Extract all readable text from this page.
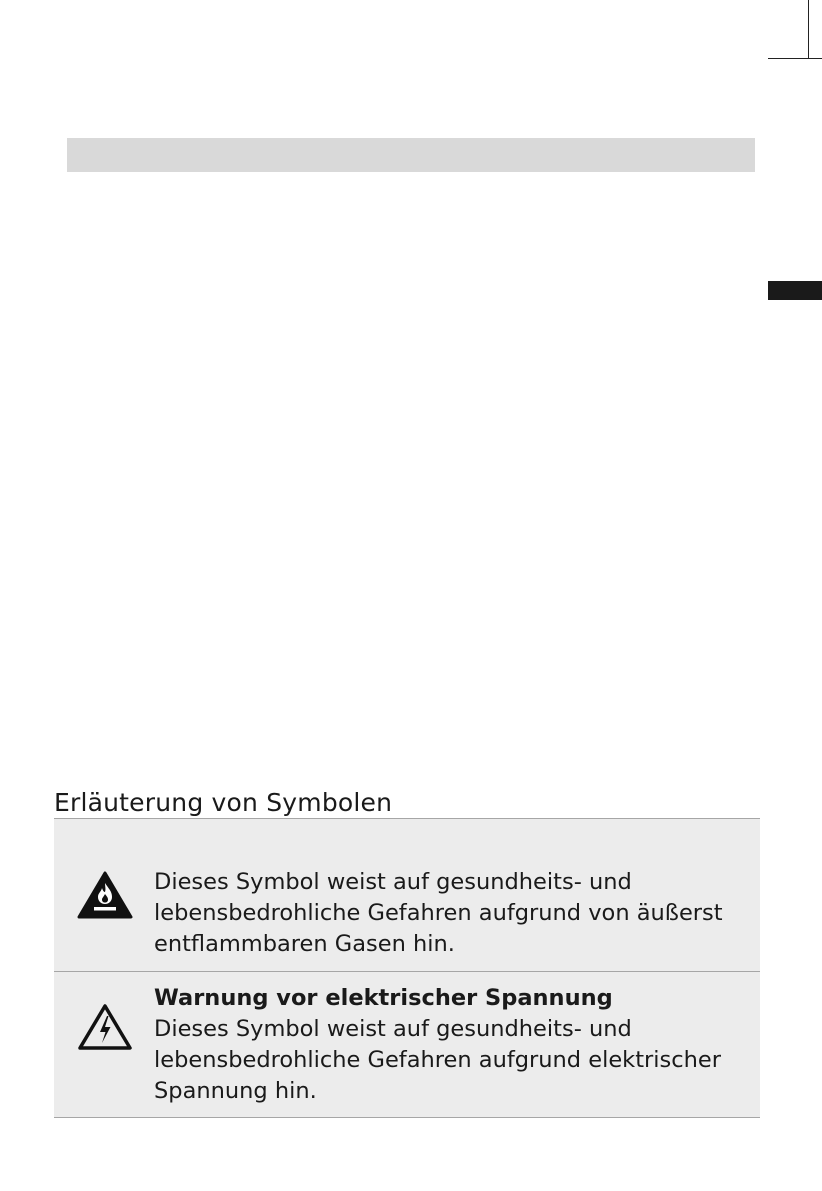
Erläuterung von Symbolen
Dieses Symbol weist auf gesundheits- und lebensbedrohliche Gefahren aufgrund von äußerst entflammbaren Gasen hin.
Warnung vor elektrischer Spannung
Dieses Symbol weist auf gesundheits- und lebensbedrohliche Gefahren aufgrund elektrischer Spannung hin.
